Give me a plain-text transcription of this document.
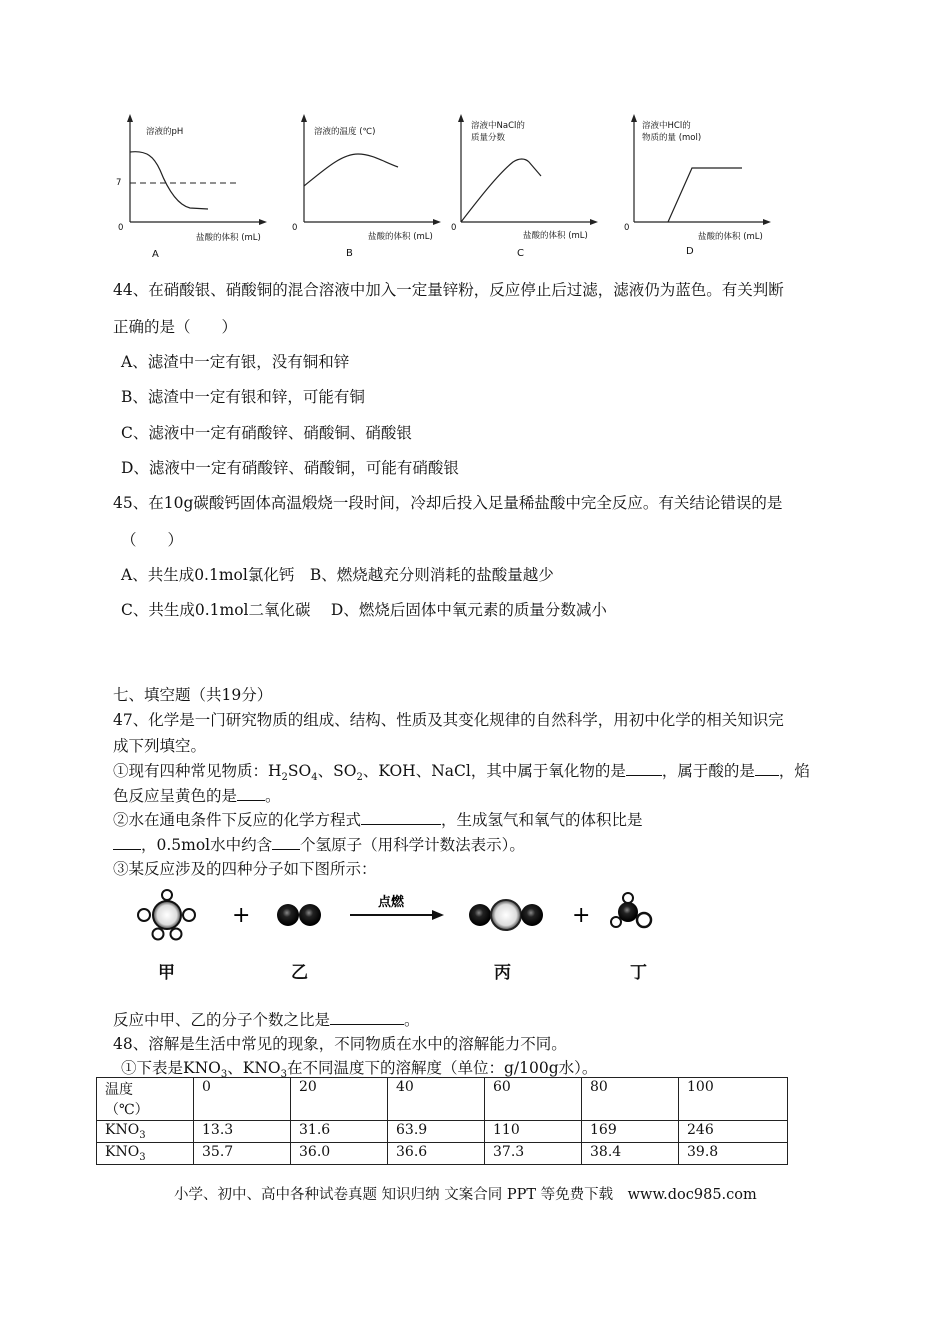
溶液的pH
7
0
盐酸的体积 (mL)
A
溶液的温度 (℃)
0
盐酸的体积 (mL)
B
溶液中NaCl的
质量分数
0
盐酸的体积 (mL)
C
溶液中HCl的
物质的量 (mol)
0
盐酸的体积 (mL)
D
44、在硝酸银、硝酸铜的混合溶液中加入一定量锌粉，反应停止后过滤，滤液仍为蓝色。有关判断
正确的是（　　）
A、滤渣中一定有银，没有铜和锌
B、滤渣中一定有银和锌，可能有铜
C、滤液中一定有硝酸锌、硝酸铜、硝酸银
D、滤液中一定有硝酸锌、硝酸铜，可能有硝酸银
45、在10g碳酸钙固体高温煅烧一段时间，冷却后投入足量稀盐酸中完全反应。有关结论错误的是
（　　）
A、共生成0.1mol氯化钙　B、燃烧越充分则消耗的盐酸量越少
C、共生成0.1mol二氧化碳　 D、燃烧后固体中氧元素的质量分数减小
七、填空题（共19分）
47、化学是一门研究物质的组成、结构、性质及其变化规律的自然科学，用初中化学的相关知识完
成下列填空。
①现有四种常见物质：$H_2SO_4$、$SO_2$、KOH、NaCl，其中属于氧化物的是 ，属于酸的是 ，焰
色反应呈黄色的是 。
②水在通电条件下反应的化学方程式	，生成氢气和氧气的体积比是
，0.5mol水中约含 个氢原子（用科学计数法表示）。
③某反应涉及的四种分子如下图所示：
+
点燃
+
甲	乙	丙	丁
反应中甲、乙的分子个数之比是	。
48、溶解是生活中常见的现象，不同物质在水中的溶解能力不同。
①下表是$KNO_3$、$KNO_3$在不同温度下的溶解度（单位：g/100g水）。
温度
（℃）	0	20	40	60	80	100
$KNO_3$	13.3	31.6	63.9	110	169	246
$KNO_3$	35.7	36.0	36.6	37.3	38.4	39.8
小学、初中、高中各种试卷真题 知识归纳 文案合同 PPT 等免费下载　www.doc985.com
